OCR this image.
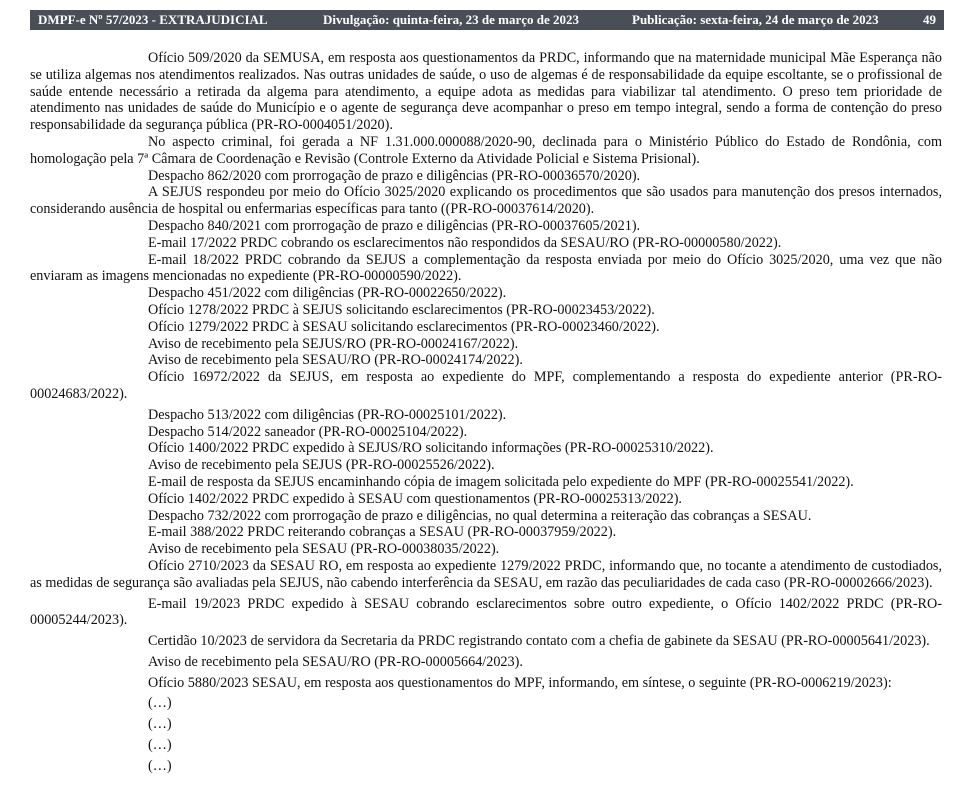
DMPF-e Nº 57/2023 - EXTRAJUDICIAL	Divulgação: quinta-feira, 23 de março de 2023	Publicação: sexta-feira, 24 de março de 2023	49

Ofício 509/2020 da SEMUSA, em resposta aos questionamentos da PRDC, informando que na maternidade municipal Mãe Esperança não se utiliza algemas nos atendimentos realizados. Nas outras unidades de saúde, o uso de algemas é de responsabilidade da equipe escoltante, se o profissional de saúde entende necessário a retirada da algema para atendimento, a equipe adota as medidas para viabilizar tal atendimento. O preso tem prioridade de atendimento nas unidades de saúde do Município e o agente de segurança deve acompanhar o preso em tempo integral, sendo a forma de contenção do preso responsabilidade da segurança pública (PR-RO-0004051/2020).

No aspecto criminal, foi gerada a NF 1.31.000.000088/2020-90, declinada para o Ministério Público do Estado de Rondônia, com homologação pela 7ª Câmara de Coordenação e Revisão (Controle Externo da Atividade Policial e Sistema Prisional).

Despacho 862/2020 com prorrogação de prazo e diligências (PR-RO-00036570/2020).

A SEJUS respondeu por meio do Ofício 3025/2020 explicando os procedimentos que são usados para manutenção dos presos internados, considerando ausência de hospital ou enfermarias específicas para tanto ((PR-RO-00037614/2020).

Despacho 840/2021 com prorrogação de prazo e diligências (PR-RO-00037605/2021).

E-mail 17/2022 PRDC cobrando os esclarecimentos não respondidos da SESAU/RO (PR-RO-00000580/2022).

E-mail 18/2022 PRDC cobrando da SEJUS a complementação da resposta enviada por meio do Ofício 3025/2020, uma vez que não enviaram as imagens mencionadas no expediente (PR-RO-00000590/2022).

Despacho 451/2022 com diligências (PR-RO-00022650/2022).

Ofício 1278/2022 PRDC à SEJUS solicitando esclarecimentos (PR-RO-00023453/2022).

Ofício 1279/2022 PRDC à SESAU solicitando esclarecimentos (PR-RO-00023460/2022).

Aviso de recebimento pela SEJUS/RO (PR-RO-00024167/2022).

Aviso de recebimento pela SESAU/RO (PR-RO-00024174/2022).

Ofício 16972/2022 da SEJUS, em resposta ao expediente do MPF, complementando a resposta do expediente anterior (PR-RO-00024683/2022).

Despacho 513/2022 com diligências (PR-RO-00025101/2022).

Despacho 514/2022 saneador (PR-RO-00025104/2022).

Ofício 1400/2022 PRDC expedido à SEJUS/RO solicitando informações (PR-RO-00025310/2022).

Aviso de recebimento pela SEJUS (PR-RO-00025526/2022).

E-mail de resposta da SEJUS encaminhando cópia de imagem solicitada pelo expediente do MPF (PR-RO-00025541/2022).

Ofício 1402/2022 PRDC expedido à SESAU com questionamentos (PR-RO-00025313/2022).

Despacho 732/2022 com prorrogação de prazo e diligências, no qual determina a reiteração das cobranças a SESAU.

E-mail 388/2022 PRDC reiterando cobranças a SESAU (PR-RO-00037959/2022).

Aviso de recebimento pela SESAU (PR-RO-00038035/2022).

Ofício 2710/2023 da SESAU RO, em resposta ao expediente 1279/2022 PRDC, informando que, no tocante a atendimento de custodiados, as medidas de segurança são avaliadas pela SEJUS, não cabendo interferência da SESAU, em razão das peculiaridades de cada caso (PR-RO-00002666/2023).

E-mail 19/2023 PRDC expedido à SESAU cobrando esclarecimentos sobre outro expediente, o Ofício 1402/2022 PRDC (PR-RO-00005244/2023).

Certidão 10/2023 de servidora da Secretaria da PRDC registrando contato com a chefia de gabinete da SESAU (PR-RO-00005641/2023).

Aviso de recebimento pela SESAU/RO (PR-RO-00005664/2023).

Ofício 5880/2023 SESAU, em resposta aos questionamentos do MPF, informando, em síntese, o seguinte (PR-RO-0006219/2023):

(…)

(…)

(…)

(…)
